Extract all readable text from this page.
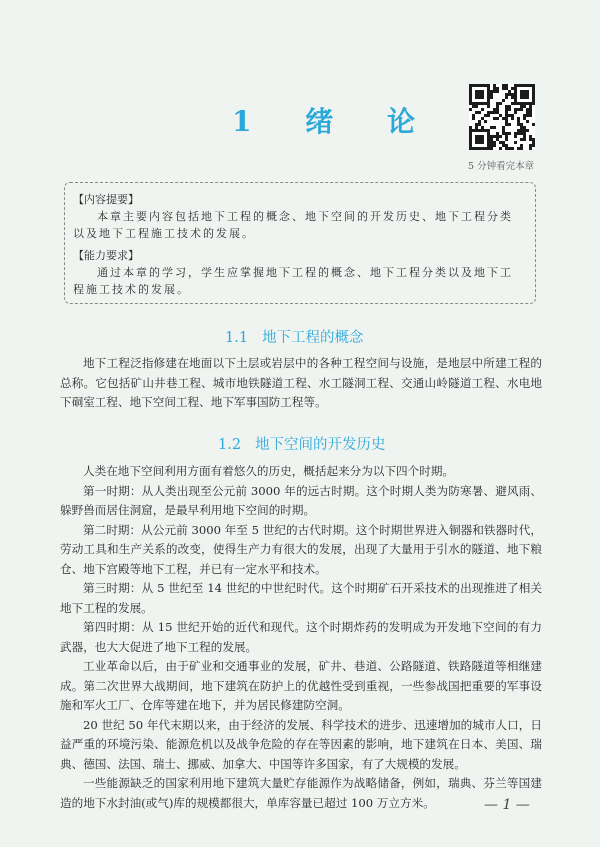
1 绪 论
5 分钟看完本章

【内容提要】

本章主要内容包括地下工程的概念、地下空间的开发历史、地下工程分类以及地下工程施工技术的发展。

【能力要求】

通过本章的学习，学生应掌握地下工程的概念、地下工程分类以及地下工程施工技术的发展。

1.1 地下工程的概念

地下工程泛指修建在地面以下土层或岩层中的各种工程空间与设施，是地层中所建工程的总称。它包括矿山井巷工程、城市地铁隧道工程、水工隧洞工程、交通山岭隧道工程、水电地下硐室工程、地下空间工程、地下军事国防工程等。

1.2 地下空间的开发历史

人类在地下空间利用方面有着悠久的历史，概括起来分为以下四个时期。

第一时期：从人类出现至公元前 3000 年的远古时期。这个时期人类为防寒暑、避风雨、躲野兽而居住洞窟，是最早利用地下空间的时期。

第二时期：从公元前 3000 年至 5 世纪的古代时期。这个时期世界进入铜器和铁器时代，劳动工具和生产关系的改变，使得生产力有很大的发展，出现了大量用于引水的隧道、地下粮仓、地下宫殿等地下工程，并已有一定水平和技术。

第三时期：从 5 世纪至 14 世纪的中世纪时代。这个时期矿石开采技术的出现推进了相关地下工程的发展。

第四时期：从 15 世纪开始的近代和现代。这个时期炸药的发明成为开发地下空间的有力武器，也大大促进了地下工程的发展。

工业革命以后，由于矿业和交通事业的发展，矿井、巷道、公路隧道、铁路隧道等相继建成。第二次世界大战期间，地下建筑在防护上的优越性受到重视，一些参战国把重要的军事设施和军火工厂、仓库等建在地下，并为居民修建防空洞。

20 世纪 50 年代末期以来，由于经济的发展、科学技术的进步、迅速增加的城市人口，日益严重的环境污染、能源危机以及战争危险的存在等因素的影响，地下建筑在日本、美国、瑞典、德国、法国、瑞士、挪威、加拿大、中国等许多国家，有了大规模的发展。

一些能源缺乏的国家利用地下建筑大量贮存能源作为战略储备，例如，瑞典、芬兰等国建造的地下水封油(或气)库的规模都很大，单库容量已超过 100 万立方米。	— 1 —
